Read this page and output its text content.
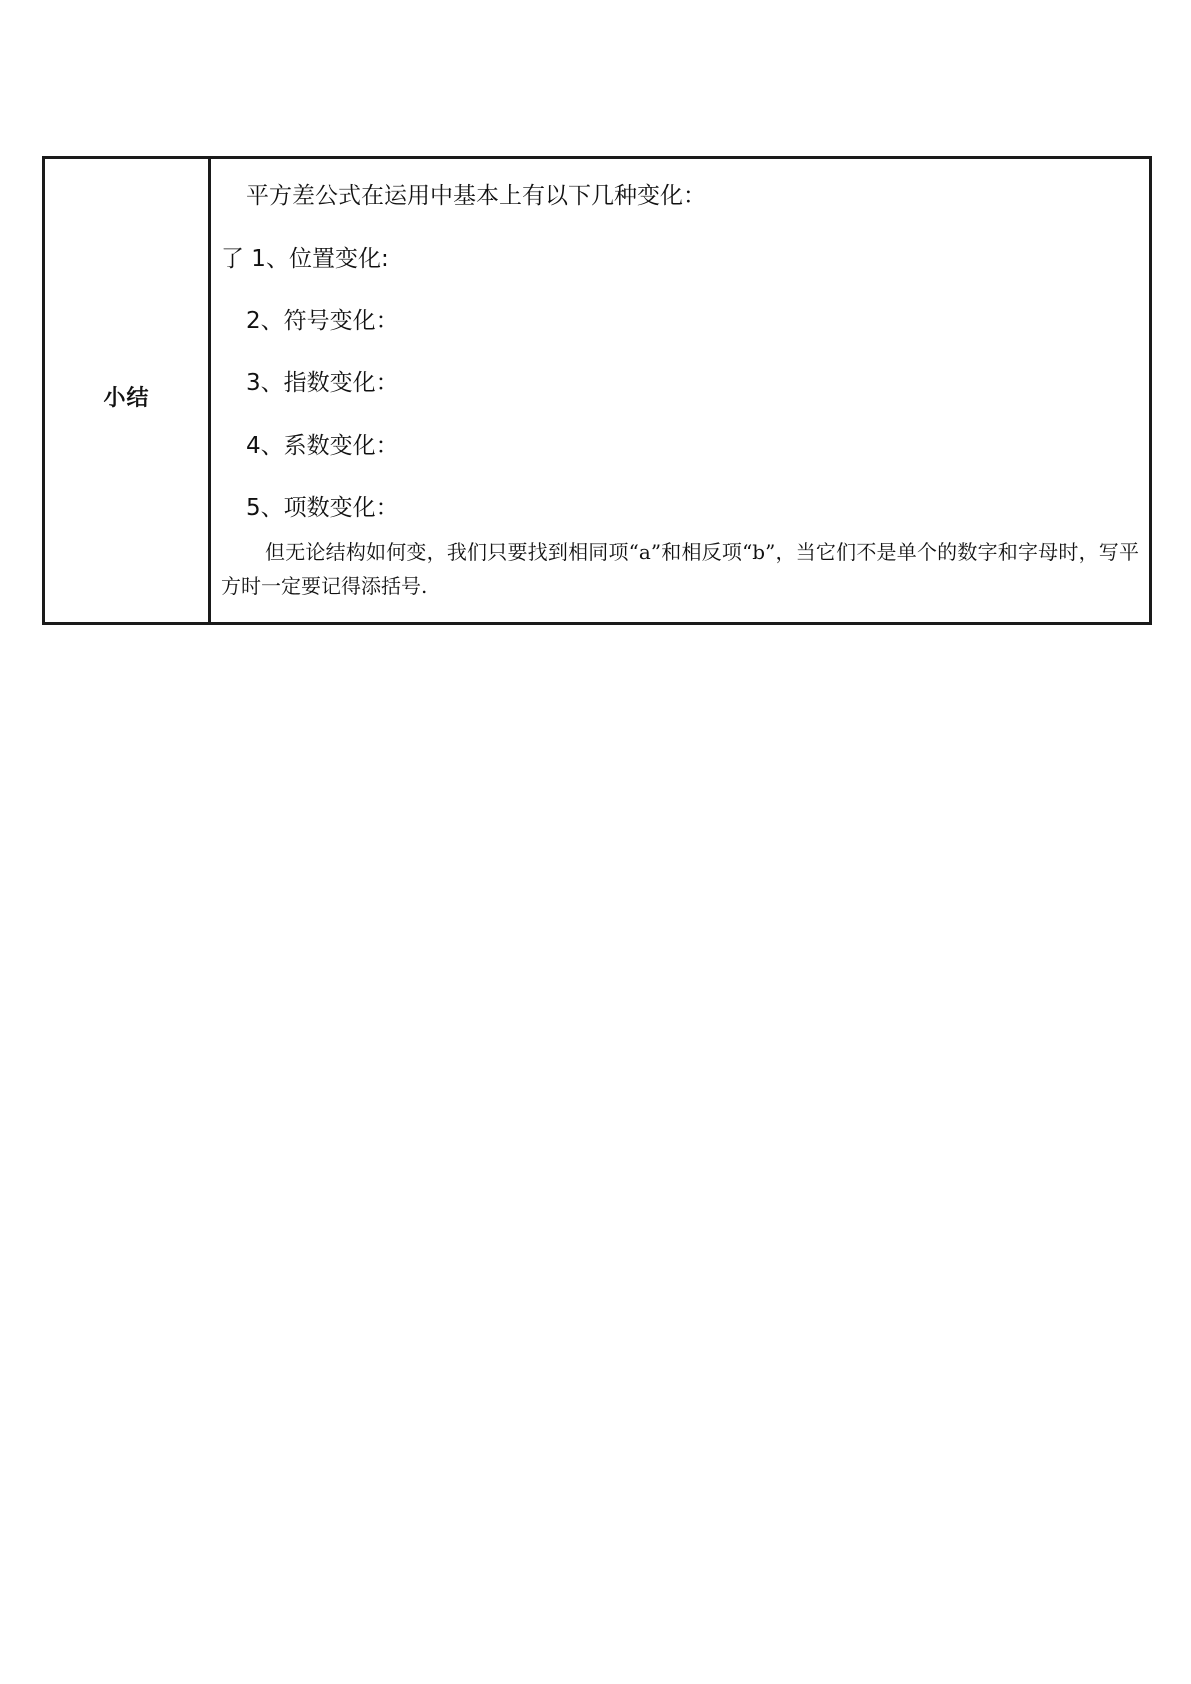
小结

平方差公式在运用中基本上有以下几种变化：
了 1、位置变化:
2、符号变化：
3、指数变化：
4、系数变化：
5、项数变化：
但无论结构如何变，我们只要找到相同项“a”和相反项“b”，当它们不是单个的数字和字母时，写平方时一定要记得添括号.
